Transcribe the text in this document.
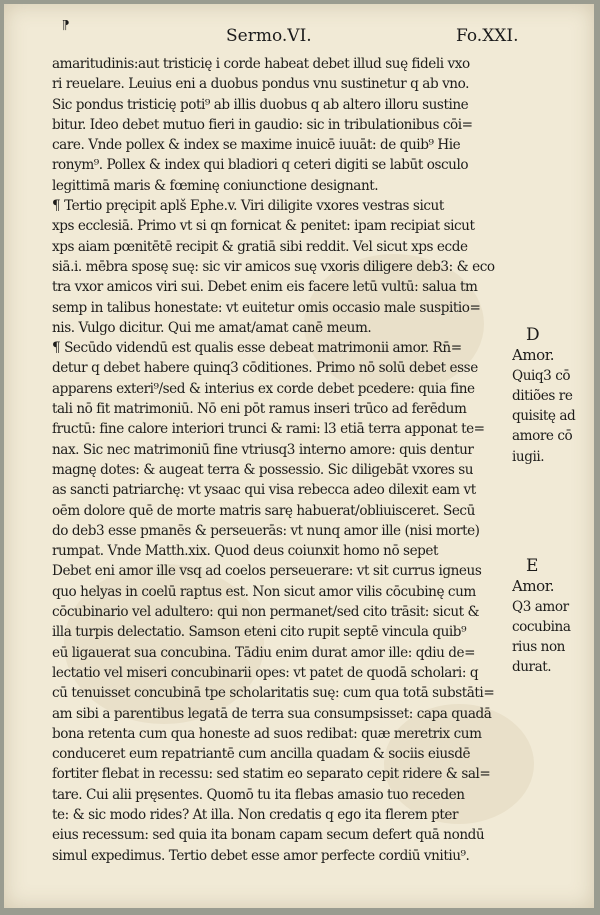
⁋
Sermo.VI.	Fo.XXI.
amaritudinis:aut tristicię i corde habeat debet illud suę fideli vxo
ri reuelare. Leuius eni a duobus pondus vnu sustinetur q ab vno.
Sic pondus tristicię poti⁹ ab illis duobus q ab altero illoru sustine
bitur. Ideo debet mutuo fieri in gaudio: sic in tribulationibus cōi=
care. Vnde pollex & index se maxime inuicē iuuāt: de quib⁹ Hie
ronym⁹. Pollex & index qui bladiori q ceteri digiti se labūt osculo
legittimā maris & fœminę coniunctione designant.
¶ Tertio pręcipit aplš Ephe.v. Viri diligite vxores vestras sicut
xps ecclesiā. Primo vt si qn fornicat & penitet: ipam recipiat sicut
xps aiam pœnitētē recipit & gratiā sibi reddit. Vel sicut xps ecde
siā.i. mēbra sposę suę: sic vir amicos suę vxoris diligere deb3: & eco
tra vxor amicos viri sui. Debet enim eis facere letū vultū: salua tm
semp in talibus honestate: vt euitetur omis occasio male suspitio=
nis. Vulgo dicitur. Qui me amat/amat canē meum.
¶ Secūdo videndū est qualis esse debeat matrimonii amor. Rn̄=
detur q debet habere quinq3 cōditiones. Primo nō solū debet esse
apparens exteri⁹/sed & interius ex corde debet pcedere: quia fine
tali nō fit matrimoniū. Nō eni pōt ramus inseri trūco ad ferēdum
fructū: fine calore interiori trunci & rami: l3 etiā terra apponat te=
nax. Sic nec matrimoniū fine vtriusq3 interno amore: quis dentur
magnę dotes: & augeat terra & possessio. Sic diligebāt vxores su
as sancti patriarchę: vt ysaac qui visa rebecca adeo dilexit eam vt
oēm dolore quē de morte matris sarę habuerat/obliuisceret. Secū
do deb3 esse pmanēs & perseuerās: vt nunq amor ille (nisi morte)
rumpat. Vnde Matth.xix. Quod deus coiunxit homo nō sepet
Debet eni amor ille vsq ad coelos perseuerare: vt sit currus igneus
quo helyas in coelū raptus est. Non sicut amor vilis cōcubinę cum
cōcubinario vel adultero: qui non permanet/sed cito trāsit: sicut &
illa turpis delectatio. Samson eteni cito rupit septē vincula quib⁹
eū ligauerat sua concubina. Tādiu enim durat amor ille: qdiu de=
lectatio vel miseri concubinarii opes: vt patet de quodā scholari: q
cū tenuisset concubinā tpe scholaritatis suę: cum qua totā substāti=
am sibi a parentibus legatā de terra sua consumpsisset: capa quadā
bona retenta cum qua honeste ad suos redibat: quæ meretrix cum
conduceret eum repatriantē cum ancilla quadam & sociis eiusdē
fortiter flebat in recessu: sed statim eo separato cepit ridere & sal=
tare. Cui alii pręsentes. Quomō tu ita flebas amasio tuo receden
te: & sic modo rides? At illa. Non credatis q ego ita flerem pter
eius recessum: sed quia ita bonam capam secum defert quā nondū
simul expedimus. Tertio debet esse amor perfecte cordiū vnitiu⁹.
D
Amor.
Quiq3 cō
ditiões re
quisitę ad
amore cō
iugii.
E
Amor.
Q3 amor
cocubina
rius non
durat.
